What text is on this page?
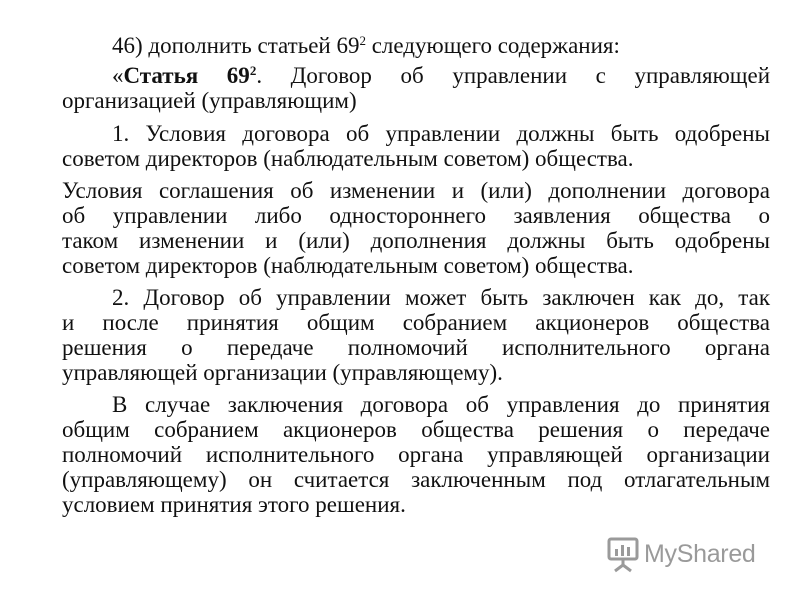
46) дополнить статьей $69^2$ следующего содержания:

«Статья $69^2$. Договор об управлении с управляющей

организацией (управляющим)

1. Условия договора об управлении должны быть одобрены

советом директоров (наблюдательным советом) общества.

Условия соглашения об изменении и (или) дополнении договора

об управлении либо одностороннего заявления общества о

таком изменении и (или) дополнения должны быть одобрены

советом директоров (наблюдательным советом) общества.

2. Договор об управлении может быть заключен как до, так

и после принятия общим собранием акционеров общества

решения о передаче полномочий исполнительного органа

управляющей организации (управляющему).

В случае заключения договора об управления до принятия

общим собранием акционеров общества решения о передаче

полномочий исполнительного органа управляющей организации

(управляющему) он считается заключенным под отлагательным

условием принятия этого решения.

MyShared
